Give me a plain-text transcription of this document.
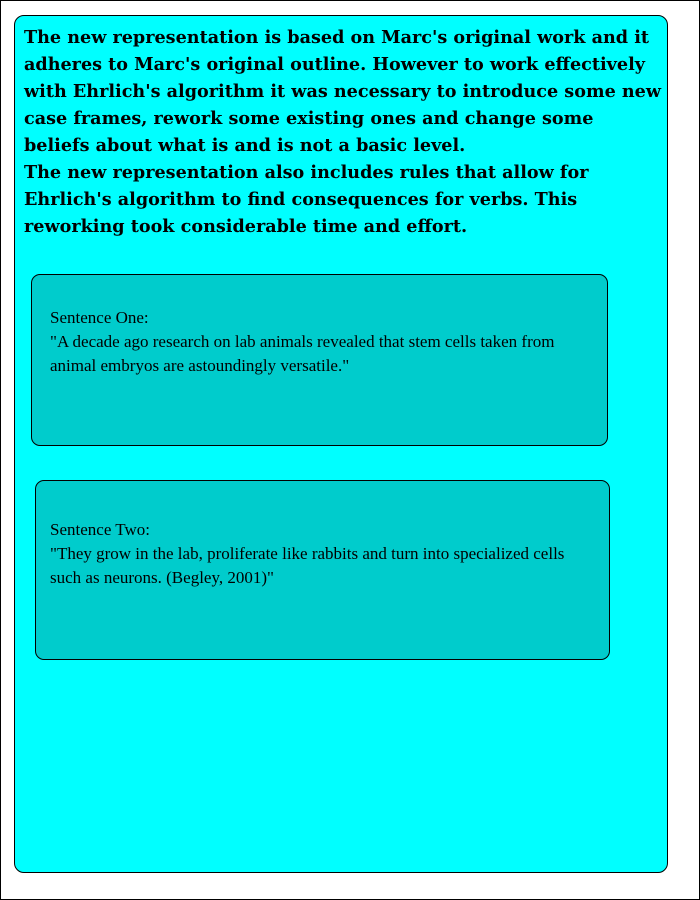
The new representation is based on Marc's original work and it adheres to Marc's original outline. However to work effectively with Ehrlich's algorithm it was necessary to introduce some new case frames, rework some existing ones and change some beliefs about what is and is not a basic level.

The new representation also includes rules that allow for Ehrlich's algorithm to find consequences for verbs. This reworking took considerable time and effort.

Sentence One:
"A decade ago research on lab animals revealed that stem cells taken from animal embryos are astoundingly versatile."
Sentence Two:
"They grow in the lab, proliferate like rabbits and turn into specialized cells such as neurons. (Begley, 2001)"
